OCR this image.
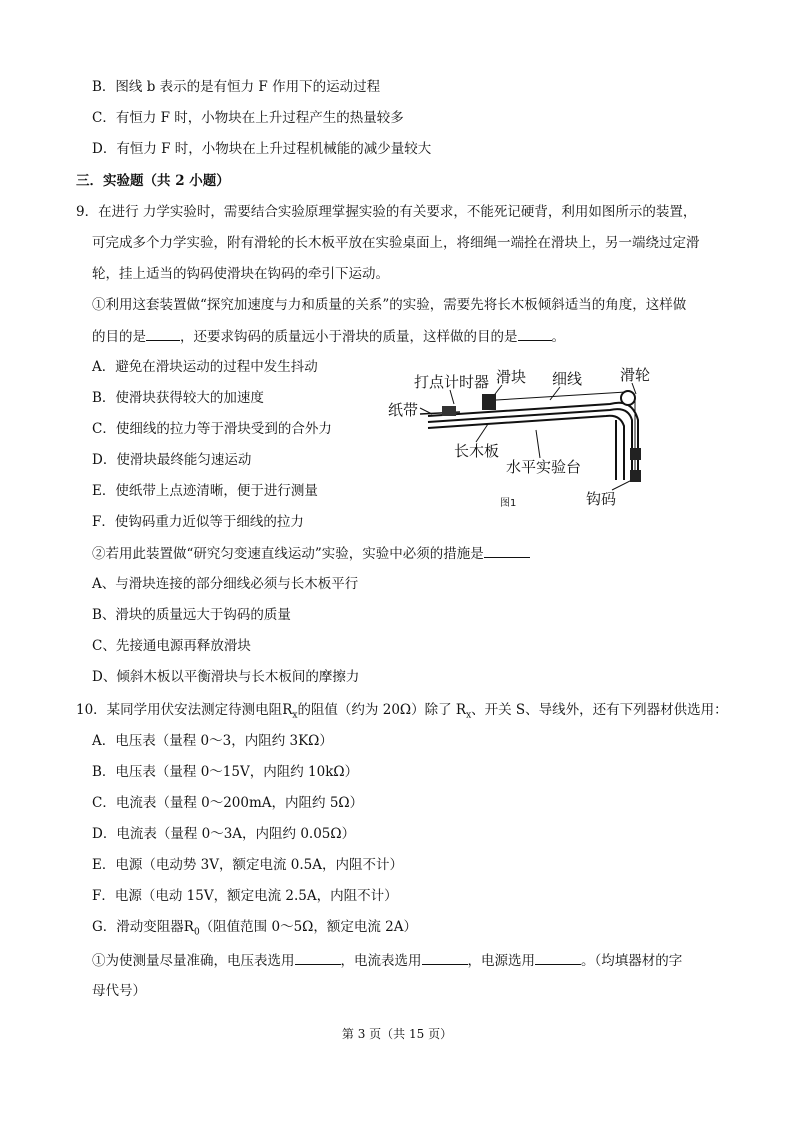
B．图线 b 表示的是有恒力 F 作用下的运动过程
C．有恒力 F 时，小物块在上升过程产生的热量较多
D．有恒力 F 时，小物块在上升过程机械能的减少量较大
三．实验题（共 2 小题）
9．在进行 力学实验时，需要结合实验原理掌握实验的有关要求，不能死记硬背，利用如图所示的装置，
可完成多个力学实验，附有滑轮的长木板平放在实验桌面上，将细绳一端拴在滑块上，另一端绕过定滑
轮，挂上适当的钩码使滑块在钩码的牵引下运动。
①利用这套装置做“探究加速度与力和质量的关系”的实验，需要先将长木板倾斜适当的角度，这样做
的目的是	，还要求钩码的质量远小于滑块的质量，这样做的目的是	。
A．避免在滑块运动的过程中发生抖动
B．使滑块获得较大的加速度
C．使细线的拉力等于滑块受到的合外力
D．使滑块最终能匀速运动
E．使纸带上点迹清晰，便于进行测量
F．使钩码重力近似等于细线的拉力
打点计时器 滑块 细线	滑轮
纸带
长木板
水平实验台
钩码
图1
②若用此装置做“研究匀变速直线运动”实验，实验中必须的措施是
A、与滑块连接的部分细线必须与长木板平行
B、滑块的质量远大于钩码的质量
C、先接通电源再释放滑块
D、倾斜木板以平衡滑块与长木板间的摩擦力
10．某同学用伏安法测定待测电阻$R_x$的阻值（约为 20Ω）除了 $R_x$、开关 S、导线外，还有下列器材供选用：
A．电压表（量程 0～3，内阻约 3KΩ）
B．电压表（量程 0～15V，内阻约 10kΩ）
C．电流表（量程 0～200mA，内阻约 5Ω）
D．电流表（量程 0～3A，内阻约 0.05Ω）
E．电源（电动势 3V，额定电流 0.5A，内阻不计）
F．电源（电动 15V，额定电流 2.5A，内阻不计）
G．滑动变阻器$R_0$（阻值范围 0～5Ω，额定电流 2A）
①为使测量尽量准确，电压表选用	，电流表选用	，电源选用	。（均填器材的字
母代号）
第 3 页（共 15 页）
